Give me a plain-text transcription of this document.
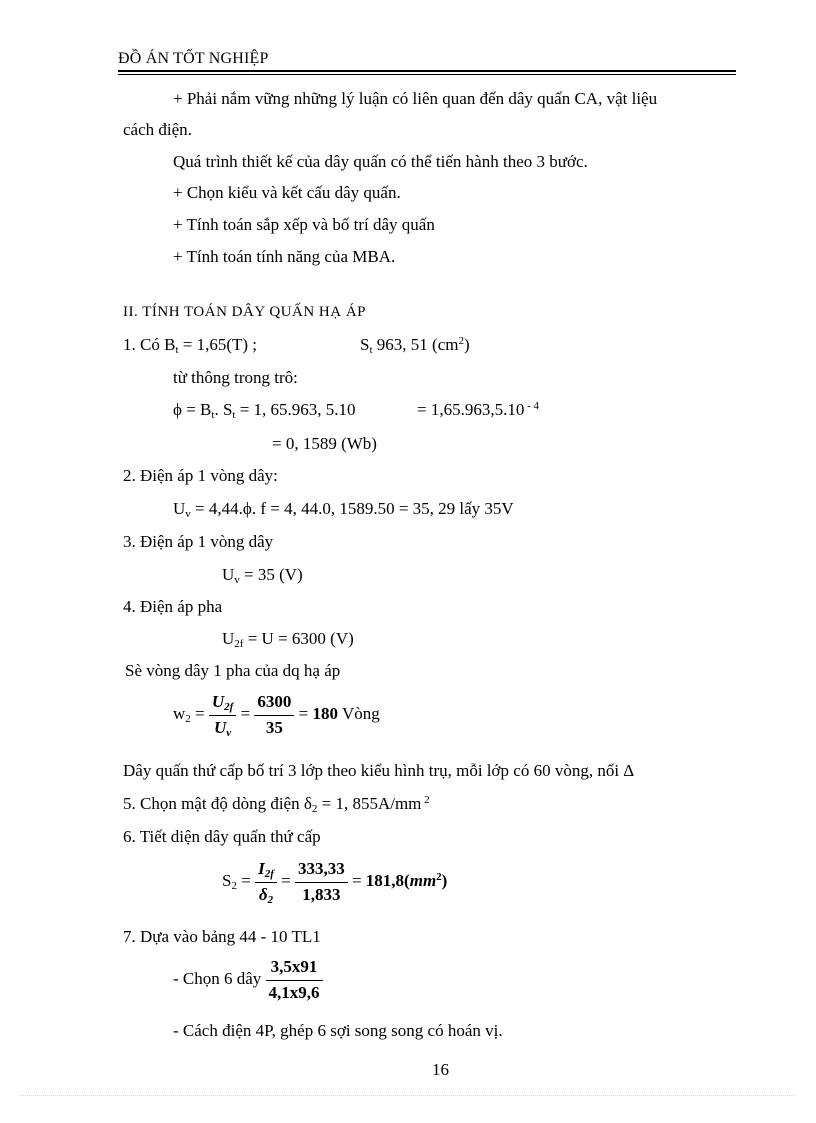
ĐỒ ÁN TỐT NGHIỆP
+ Phải nắm vững những lý luận có liên quan đến dây quấn CA, vật liệu
cách điện.
Quá trình thiết kế của dây quấn có thể tiến hành theo 3 bước.
+ Chọn kiểu và kết cấu dây quấn.
+ Tính toán sắp xếp và bố trí dây quấn
+ Tính toán tính năng của MBA.
II. TÍNH TOÁN DÂY QUẤN HẠ ÁP
1. Có $B_t = 1,65(T)$ ;	$S_t$ 963, 51 $(cm^2)$
từ thông trong trô:
$\phi = B_t$. $S_t = 1$, 65.963, 5.10	= 1,65.963,5.10 $^{- 4}$
= 0, 1589 (Wb)
2. Điện áp 1 vòng dây:
$U_v = 4,44.\phi$. f = 4, 44.0, 1589.50 = 35, 29 lấy 35V
3. Điện áp 1 vòng dây
$U_v = 35$ (V)
4. Điện áp pha
$U_{2f} = U = 6300$ (V)
Sè vòng dây 1 pha của dq hạ áp
$w_2 = \frac{U_{2f}}{U_v} = \frac{6300}{35} = 180$ Vòng
Dây quấn thứ cấp bố trí 3 lớp theo kiểu hình trụ, mỗi lớp có 60 vòng, nối Δ
5. Chọn mật độ dòng điện $\delta_2 = 1$, 855A/mm $^2$
6. Tiết diện dây quấn thứ cấp
$S_2 = \frac{I_{2f}}{\delta_2} = \frac{333,33}{1,833} = 181,8(mm^2)$
7. Dựa vào bảng 44 - 10 TL1
- Chọn 6 dây $\frac{3,5x91}{4,1x9,6}$
- Cách điện 4P, ghép 6 sợi song song có hoán vị.
16
